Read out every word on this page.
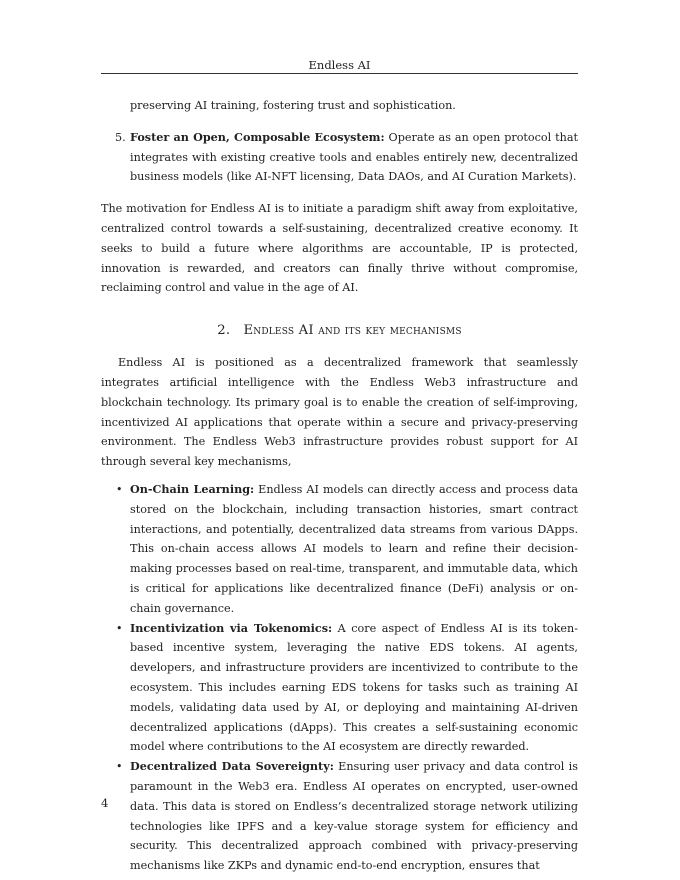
Endless AI

preserving AI training, fostering trust and sophistication.

5. Foster an Open, Composable Ecosystem: Operate as an open protocol that integrates with existing creative tools and enables entirely new, decentralized business models (like AI-NFT licensing, Data DAOs, and AI Curation Markets).

The motivation for Endless AI is to initiate a paradigm shift away from exploitative, centralized control towards a self-sustaining, decentralized creative economy. It seeks to build a future where algorithms are accountable, IP is protected, innovation is rewarded, and creators can finally thrive without compromise, reclaiming control and value in the age of AI.

2. Endless AI and its key mechanisms

Endless AI is positioned as a decentralized framework that seamlessly integrates artificial intelligence with the Endless Web3 infrastructure and blockchain technology. Its primary goal is to enable the creation of self-improving, incentivized AI applications that operate within a secure and privacy-preserving environment. The Endless Web3 infrastructure provides robust support for AI through several key mechanisms,

• On-Chain Learning: Endless AI models can directly access and process data stored on the blockchain, including transaction histories, smart contract interactions, and potentially, decentralized data streams from various DApps. This on-chain access allows AI models to learn and refine their decision-making processes based on real-time, transparent, and immutable data, which is critical for applications like decentralized finance (DeFi) analysis or on-chain governance.

• Incentivization via Tokenomics: A core aspect of Endless AI is its token-based incentive system, leveraging the native EDS tokens. AI agents, developers, and infrastructure providers are incentivized to contribute to the ecosystem. This includes earning EDS tokens for tasks such as training AI models, validating data used by AI, or deploying and maintaining AI-driven decentralized applications (dApps). This creates a self-sustaining economic model where contributions to the AI ecosystem are directly rewarded.

• Decentralized Data Sovereignty: Ensuring user privacy and data control is paramount in the Web3 era. Endless AI operates on encrypted, user-owned data. This data is stored on Endless’s decentralized storage network utilizing technologies like IPFS and a key-value storage system for efficiency and security. This decentralized approach combined with privacy-preserving mechanisms like ZKPs and dynamic end-to-end encryption, ensures that

4
